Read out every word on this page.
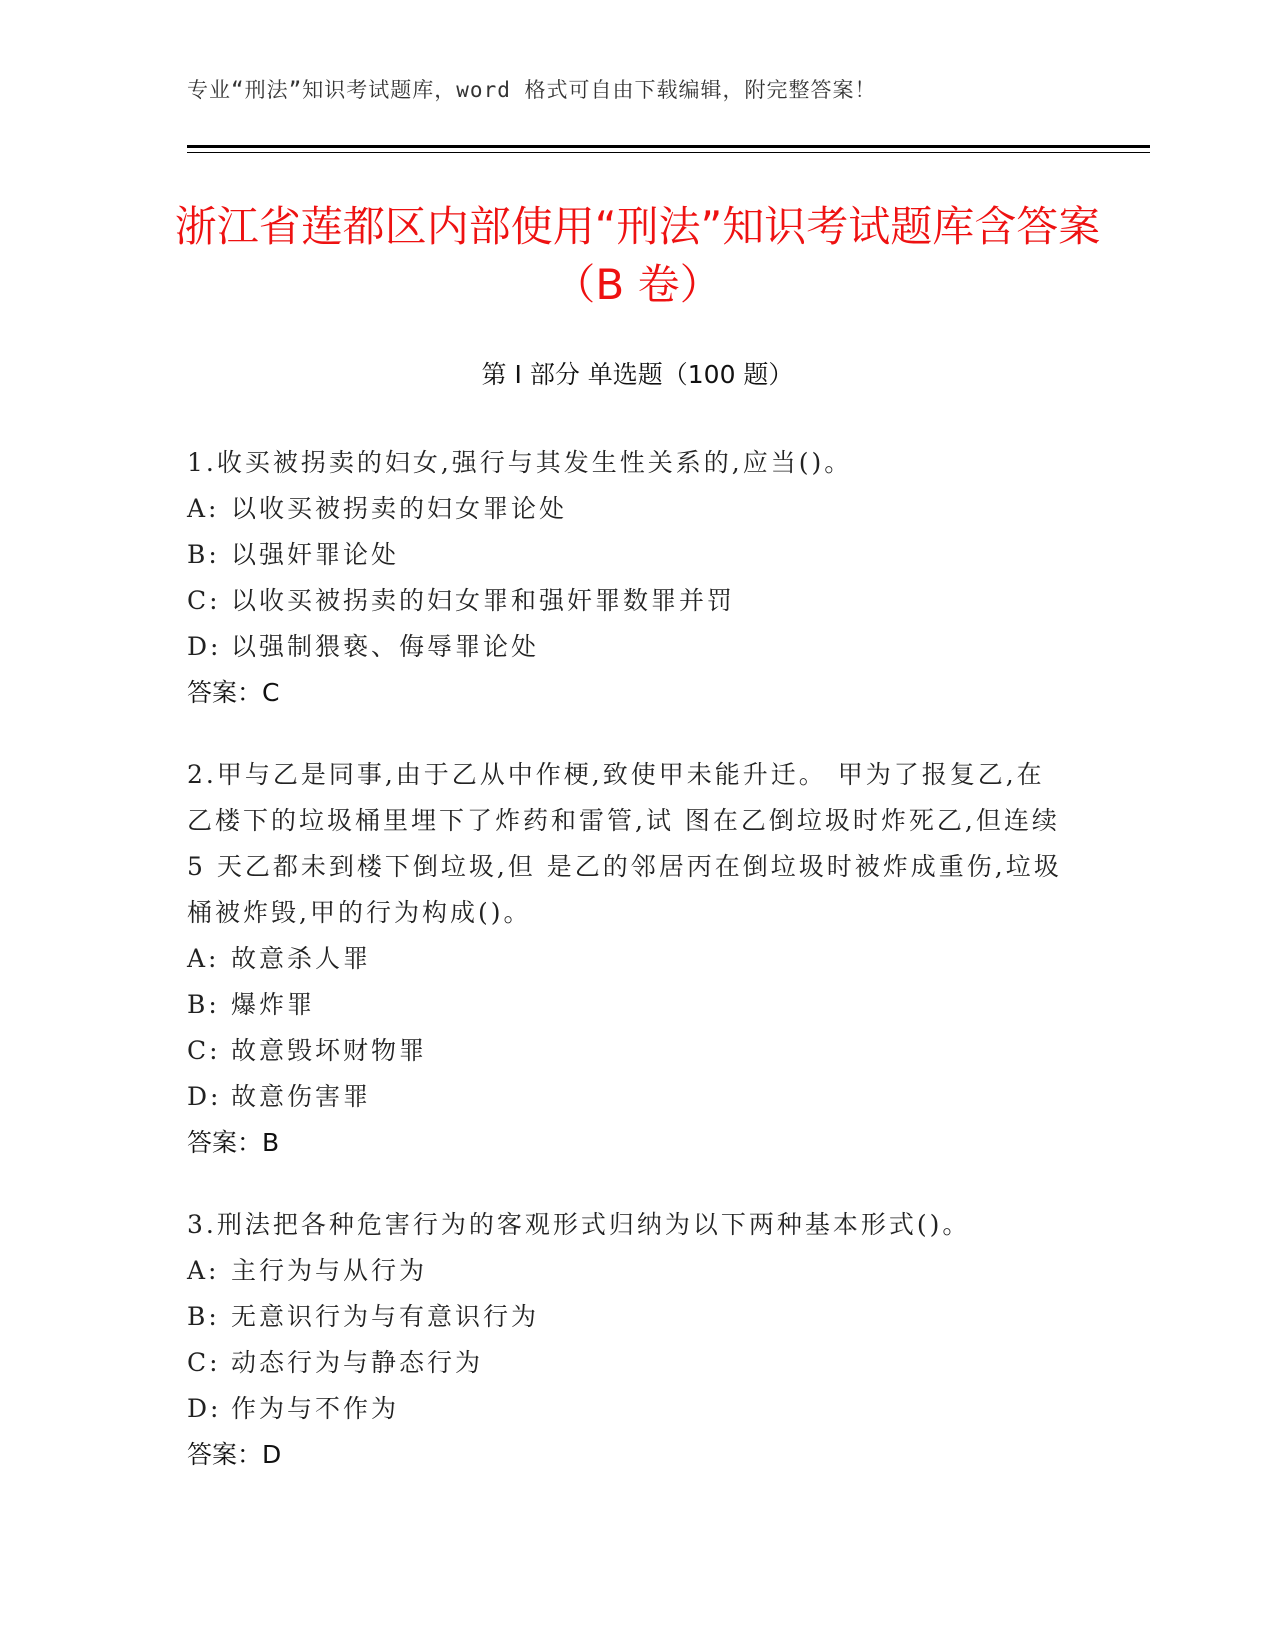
专业“刑法”知识考试题库，word 格式可自由下载编辑，附完整答案！
浙江省莲都区内部使用“刑法”知识考试题库含答案（B 卷）
第 I 部分 单选题（100 题）

1.收买被拐卖的妇女,强行与其发生性关系的,应当()。

A: 以收买被拐卖的妇女罪论处
B: 以强奸罪论处
C: 以收买被拐卖的妇女罪和强奸罪数罪并罚
D: 以强制猥亵、侮辱罪论处
答案：C

2.甲与乙是同事,由于乙从中作梗,致使甲未能升迁。 甲为了报复乙,在乙楼下的垃圾桶里埋下了炸药和雷管,试 图在乙倒垃圾时炸死乙,但连续 5 天乙都未到楼下倒垃圾,但 是乙的邻居丙在倒垃圾时被炸成重伤,垃圾桶被炸毁,甲的行为构成()。

A: 故意杀人罪
B: 爆炸罪
C: 故意毁坏财物罪
D: 故意伤害罪
答案：B

3.刑法把各种危害行为的客观形式归纳为以下两种基本形式()。

A: 主行为与从行为
B: 无意识行为与有意识行为
C: 动态行为与静态行为
D: 作为与不作为
答案：D
